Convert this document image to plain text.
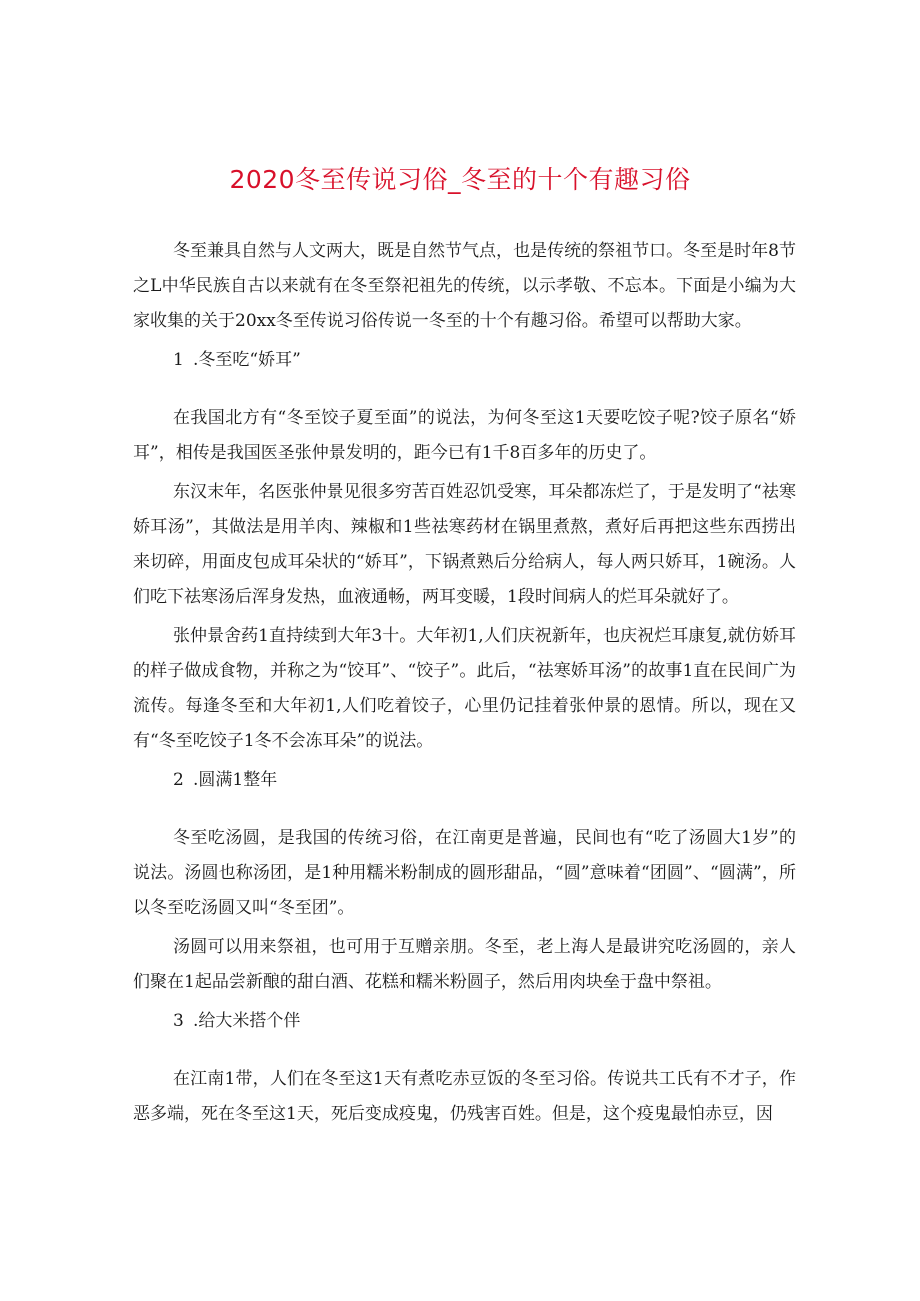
2020冬至传说习俗_冬至的十个有趣习俗

冬至兼具自然与人文两大，既是自然节气点，也是传统的祭祖节口。冬至是时年8节之L中华民族自古以来就有在冬至祭祀祖先的传统，以示孝敬、不忘本。下面是小编为大家收集的关于20xx冬至传说习俗传说一冬至的十个有趣习俗。希望可以帮助大家。

1 .冬至吃“娇耳”

在我国北方有“冬至饺子夏至面”的说法，为何冬至这1天要吃饺子呢?饺子原名“娇耳”，相传是我国医圣张仲景发明的，距今已有1千8百多年的历史了。

东汉末年，名医张仲景见很多穷苦百姓忍饥受寒，耳朵都冻烂了，于是发明了“祛寒娇耳汤”，其做法是用羊肉、辣椒和1些祛寒药材在锅里煮熬，煮好后再把这些东西捞出来切碎，用面皮包成耳朵状的“娇耳”，下锅煮熟后分给病人，每人两只娇耳，1碗汤。人们吃下祛寒汤后浑身发热，血液通畅，两耳变暖，1段时间病人的烂耳朵就好了。

张仲景舍药1直持续到大年3十。大年初1,人们庆祝新年，也庆祝烂耳康复,就仿娇耳的样子做成食物，并称之为“饺耳”、“饺子”。此后，“祛寒娇耳汤”的故事1直在民间广为流传。每逢冬至和大年初1,人们吃着饺子，心里仍记挂着张仲景的恩情。所以，现在又有“冬至吃饺子1冬不会冻耳朵”的说法。

2 .圆满1整年

冬至吃汤圆，是我国的传统习俗，在江南更是普遍，民间也有“吃了汤圆大1岁”的说法。汤圆也称汤团，是1种用糯米粉制成的圆形甜品，“圆”意味着“团圆”、“圆满”，所以冬至吃汤圆又叫“冬至团”。

汤圆可以用来祭祖，也可用于互赠亲朋。冬至，老上海人是最讲究吃汤圆的，亲人们聚在1起品尝新酿的甜白酒、花糕和糯米粉圆子，然后用肉块垒于盘中祭祖。

3 .给大米搭个伴

在江南1带，人们在冬至这1天有煮吃赤豆饭的冬至习俗。传说共工氏有不才子，作恶多端，死在冬至这1天，死后变成疫鬼，仍残害百姓。但是，这个疫鬼最怕赤豆，因
